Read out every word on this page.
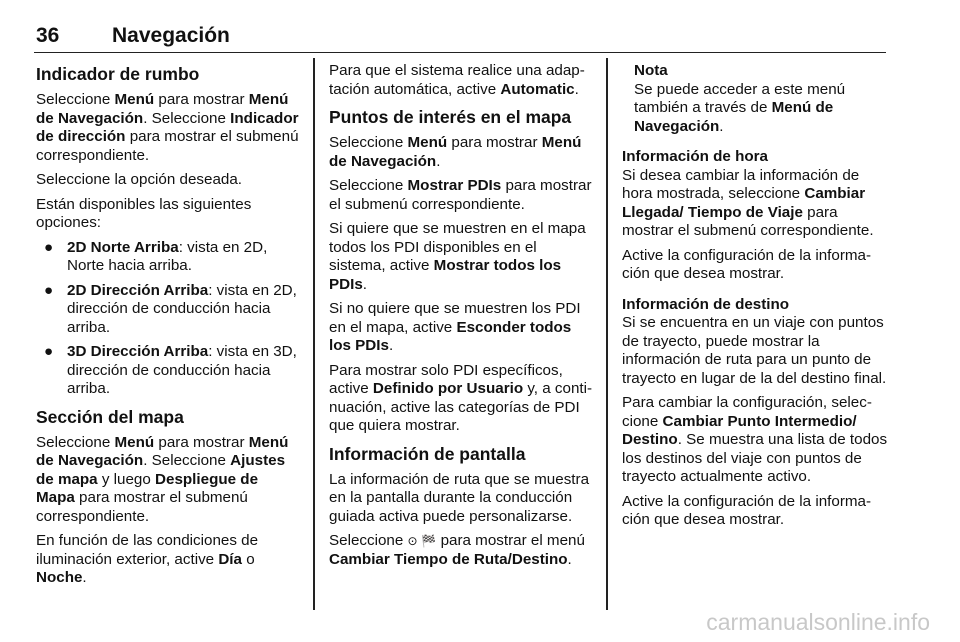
36	Navegación
Indicador de rumbo

Seleccione Menú para mostrar Menú de Navegación. Seleccione Indicador de dirección para mostrar el submenú correspondiente.

Seleccione la opción deseada.

Están disponibles las siguientes opciones:

● 2D Norte Arriba: vista en 2D, Norte hacia arriba.
● 2D Dirección Arriba: vista en 2D, dirección de conducción hacia arriba.
● 3D Dirección Arriba: vista en 3D, dirección de conducción hacia arriba.
Sección del mapa

Seleccione Menú para mostrar Menú de Navegación. Seleccione Ajustes de mapa y luego Despliegue de Mapa para mostrar el submenú correspondiente.

En función de las condiciones de iluminación exterior, active Día o Noche.

Para que el sistema realice una adaptación automática, active Automatic.

Puntos de interés en el mapa

Seleccione Menú para mostrar Menú de Navegación.

Seleccione Mostrar PDIs para mostrar el submenú correspondiente.

Si quiere que se muestren en el mapa todos los PDI disponibles en el sistema, active Mostrar todos los PDIs.

Si no quiere que se muestren los PDI en el mapa, active Esconder todos los PDIs.

Para mostrar solo PDI específicos, active Definido por Usuario y, a continuación, active las categorías de PDI que quiera mostrar.

Información de pantalla

La información de ruta que se muestra en la pantalla durante la conducción guiada activa puede personalizarse.

Seleccione ⊙ 🏁 para mostrar el menú Cambiar Tiempo de Ruta/Destino.

Nota
Se puede acceder a este menú también a través de Menú de Navegación.
Información de hora

Si desea cambiar la información de hora mostrada, seleccione Cambiar Llegada/ Tiempo de Viaje para mostrar el submenú correspondiente.

Active la configuración de la información que desea mostrar.

Información de destino

Si se encuentra en un viaje con puntos de trayecto, puede mostrar la información de ruta para un punto de trayecto en lugar de la del destino final.

Para cambiar la configuración, seleccione Cambiar Punto Intermedio/ Destino. Se muestra una lista de todos los destinos del viaje con puntos de trayecto actualmente activo.

Active la configuración de la información que desea mostrar.

carmanualsonline.info
